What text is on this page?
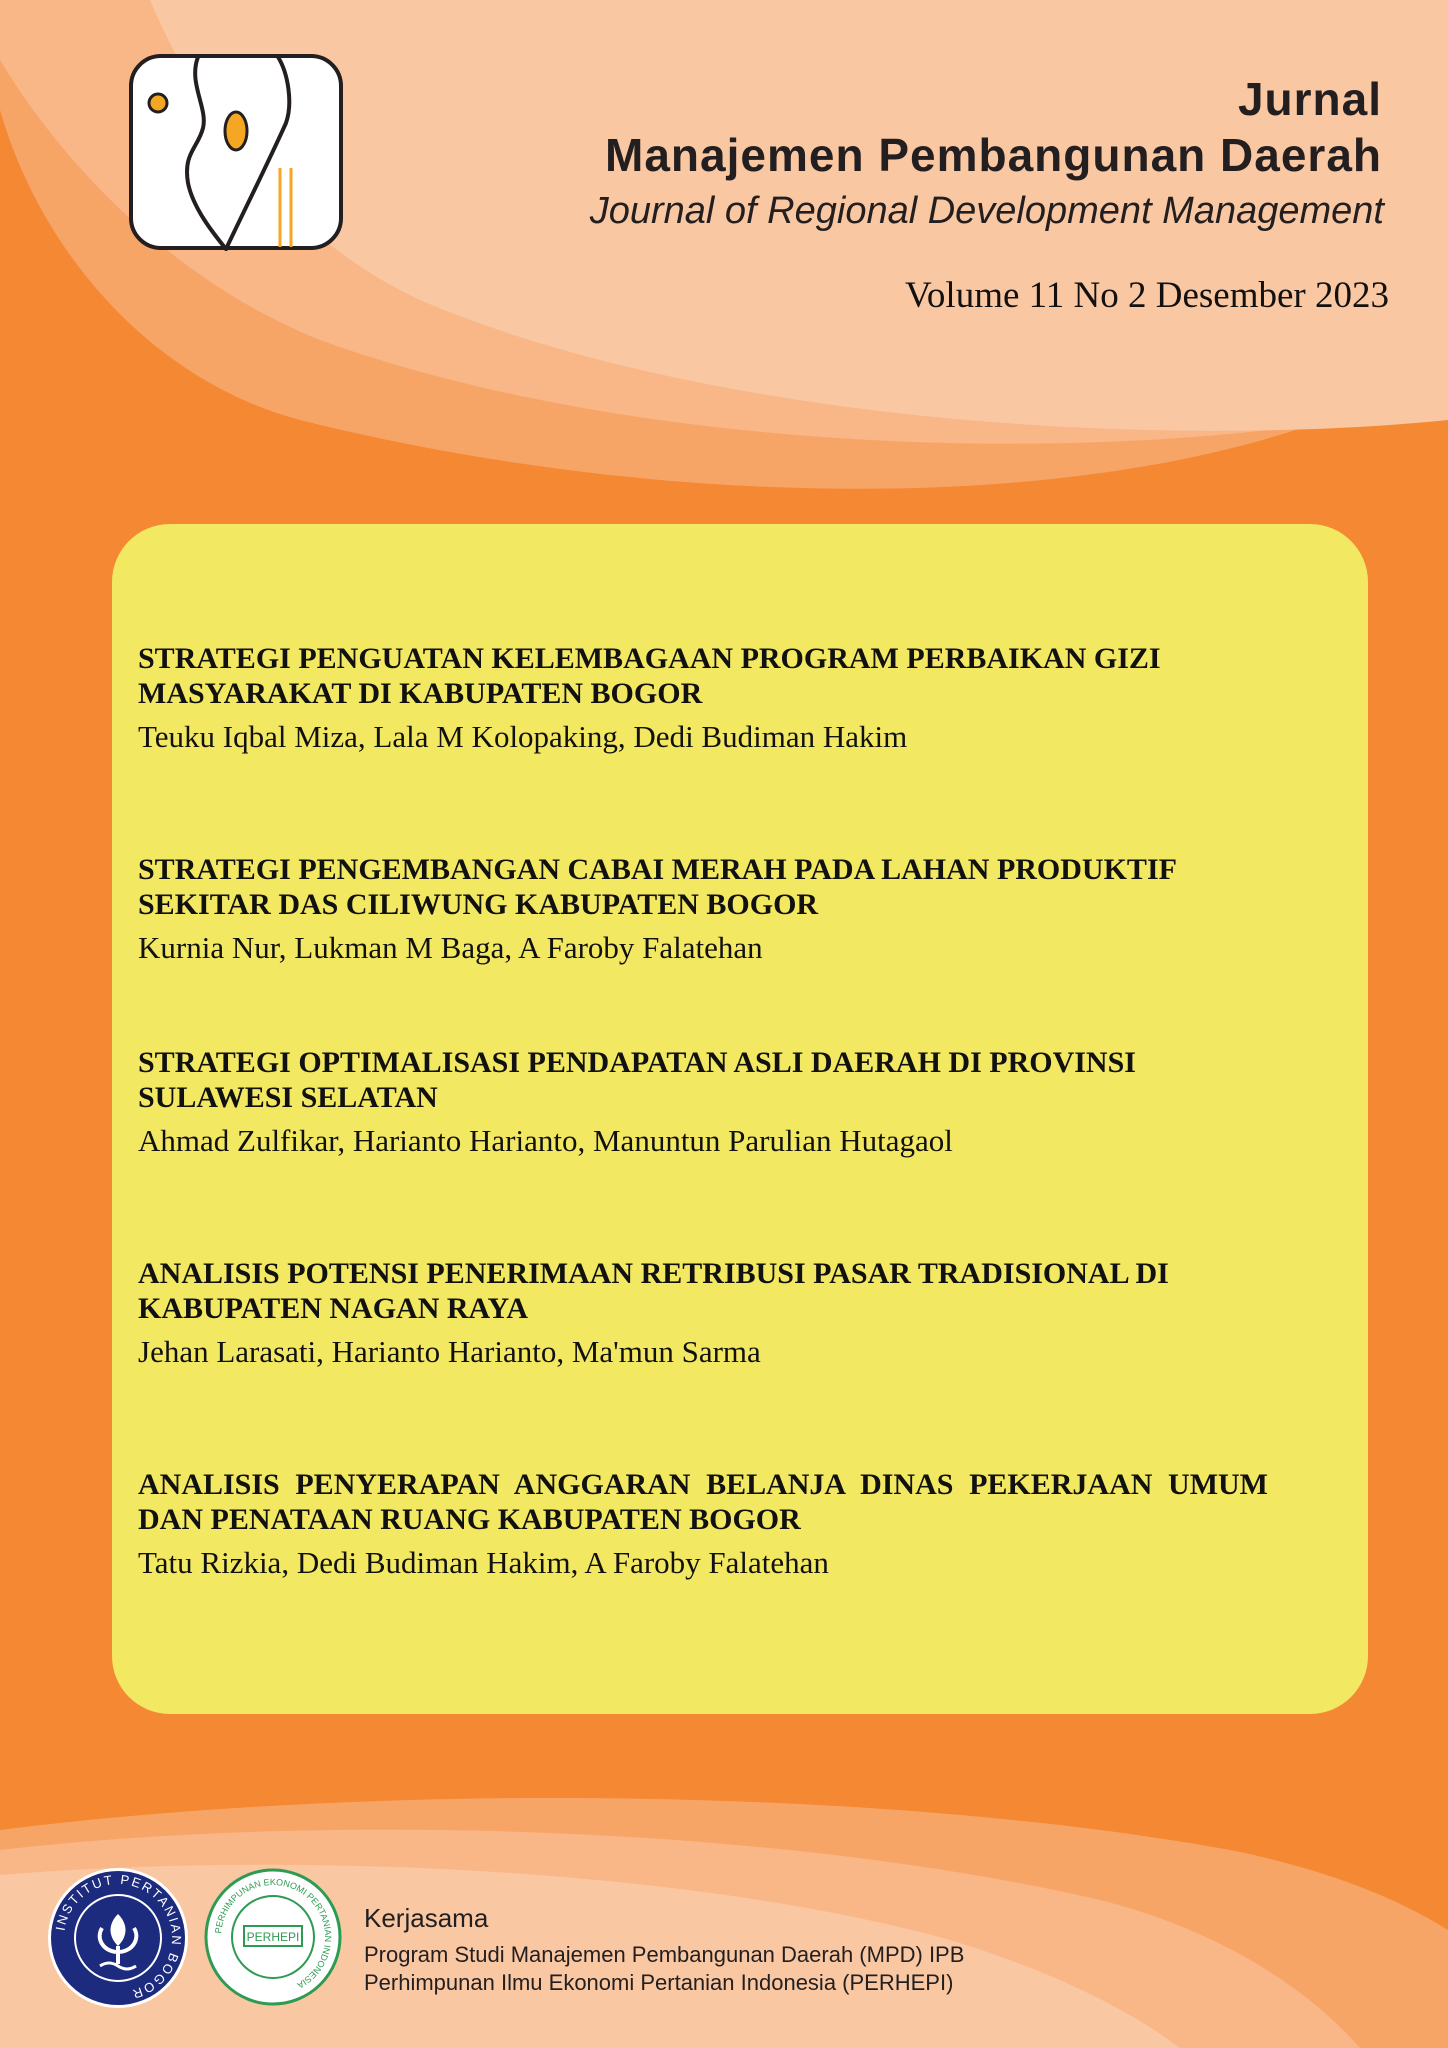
Jurnal
Manajemen Pembangunan Daerah
Journal of Regional Development Management
Volume 11 No 2 Desember 2023

STRATEGI PENGUATAN KELEMBAGAAN PROGRAM PERBAIKAN GIZI MASYARAKAT DI KABUPATEN BOGOR

Teuku Iqbal Miza, Lala M Kolopaking, Dedi Budiman Hakim

STRATEGI PENGEMBANGAN CABAI MERAH PADA LAHAN PRODUKTIF SEKITAR DAS CILIWUNG KABUPATEN BOGOR

Kurnia Nur, Lukman M Baga, A Faroby Falatehan

STRATEGI OPTIMALISASI PENDAPATAN ASLI DAERAH DI PROVINSI SULAWESI SELATAN

Ahmad Zulfikar, Harianto Harianto, Manuntun Parulian Hutagaol

ANALISIS POTENSI PENERIMAAN RETRIBUSI PASAR TRADISIONAL DI KABUPATEN NAGAN RAYA

Jehan Larasati, Harianto Harianto, Ma'mun Sarma

ANALISIS PENYERAPAN ANGGARAN BELANJA DINAS PEKERJAAN UMUM DAN PENATAAN RUANG KABUPATEN BOGOR

Tatu Rizkia, Dedi Budiman Hakim, A Faroby Falatehan
INSTITUT PERTANIAN BOGOR
PERHIMPUNAN EKONOMI PERTANIAN INDONESIA
PERHEPI
Kerjasama
Program Studi Manajemen Pembangunan Daerah (MPD) IPB
Perhimpunan Ilmu Ekonomi Pertanian Indonesia (PERHEPI)
